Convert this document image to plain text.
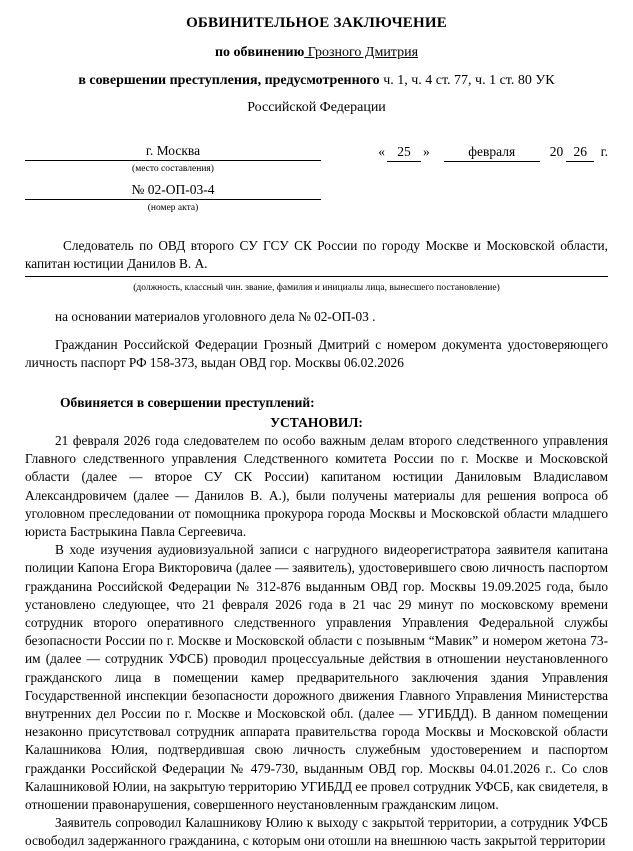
ОБВИНИТЕЛЬНОЕ ЗАКЛЮЧЕНИЕ
по обвинению Грозного Дмитрия
в совершении преступления, предусмотренного ч. 1, ч. 4 ст. 77, ч. 1 ст. 80 УК
Российской Федерации
г. Москва
(место составления)
№ 02-ОП-03-4
(номер акта)
« 25 »	февраля	20 26 г.
Следователь по ОВД второго СУ ГСУ СК России по городу Москве и Московской области, капитан юстиции Данилов В. А.
(должность, классный чин. звание, фамилия и инициалы лица, вынесшего постановление)

на основании материалов уголовного дела № 02-ОП-03 .

Гражданин Российской Федерации Грозный Дмитрий с номером документа удостоверяющего личность паспорт РФ 158-373, выдан ОВД гор. Москвы 06.02.2026

Обвиняется в совершении преступлений:
УСТАНОВИЛ:

21 февраля 2026 года следователем по особо важным делам второго следственного управления Главного следственного управления Следственного комитета России по г. Москве и Московской области (далее — второе СУ СК России) капитаном юстиции Даниловым Владиславом Александровичем (далее — Данилов В. А.), были получены материалы для решения вопроса об уголовном преследовании от помощника прокурора города Москвы и Московской области младшего юриста Бастрыкина Павла Сергеевича.

В ходе изучения аудиовизуальной записи с нагрудного видеорегистратора заявителя капитана полиции Капона Егора Викторовича (далее — заявитель), удостоверившего свою личность паспортом гражданина Российской Федерации № 312-876 выданным ОВД гор. Москвы 19.09.2025 года, было установлено следующее, что 21 февраля 2026 года в 21 час 29 минут по московскому времени сотрудник второго оперативного следственного управления Управления Федеральной службы безопасности России по г. Москве и Московской области с позывным “Мавик” и номером жетона 73-им (далее — сотрудник УФСБ) проводил процессуальные действия в отношении неустановленного гражданского лица в помещении камер предварительного заключения здания Управления Государственной инспекции безопасности дорожного движения Главного Управления Министерства внутренних дел России по г. Москве и Московской обл. (далее — УГИБДД). В данном помещении незаконно присутствовал сотрудник аппарата правительства города Москвы и Московской области Калашникова Юлия, подтвердившая свою личность служебным удостоверением и паспортом гражданки Российской Федерации № 479-730, выданным ОВД гор. Москвы 04.01.2026 г.. Со слов Калашниковой Юлии, на закрытую территорию УГИБДД ее провел сотрудник УФСБ, как свидетеля, в отношении правонарушения, совершенного неустановленным гражданским лицом.

Заявитель сопроводил Калашникову Юлию к выходу с закрытой территории, а сотрудник УФСБ освободил задержанного гражданина, с которым они отошли на внешнюю часть закрытой территории
